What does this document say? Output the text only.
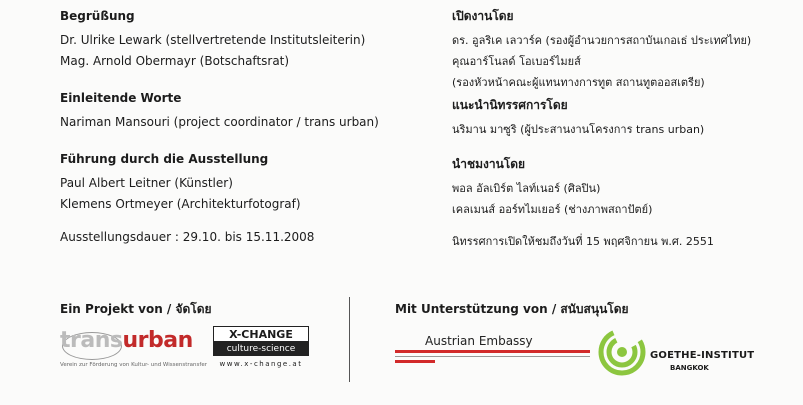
Begrüßung
Dr. Ulrike Lewark (stellvertretende Institutsleiterin)
Mag. Arnold Obermayr (Botschaftsrat)
Einleitende Worte
Nariman Mansouri (project coordinator / trans urban)
Führung durch die Ausstellung
Paul Albert Leitner (Künstler)
Klemens Ortmeyer (Architekturfotograf)
Ausstellungsdauer : 29.10. bis 15.11.2008
เปิดงานโดย
ดร. อูลริเค เลวาร์ค (รองผู้อำนวยการสถาบันเกอเธ่ ประเทศไทย)
คุณอาร์โนลด์ โอเบอร์ไมยส์
(รองหัวหน้าคณะผู้แทนทางการทูต สถานทูตออสเตรีย)
แนะนำนิทรรศการโดย
นริมาน มาซูริ (ผู้ประสานงานโครงการ trans urban)
นำชมงานโดย
พอล อัลเบิร์ต ไลท์เนอร์ (ศิลปิน)
เคลเมนส์ ออร์ทไมเยอร์ (ช่างภาพสถาปัตย์)
นิทรรศการเปิดให้ชมถึงวันที่ 15 พฤศจิกายน พ.ศ. 2551
Ein Projekt von / จัดโดย	Mit Unterstützung von / สนับสนุนโดย
transurban
Verein zur Förderung von Kultur- und Wissenstransfer
X-CHANGE
culture-science
www.x-change.at
Austrian Embassy
GOETHE-INSTITUT
BANGKOK
